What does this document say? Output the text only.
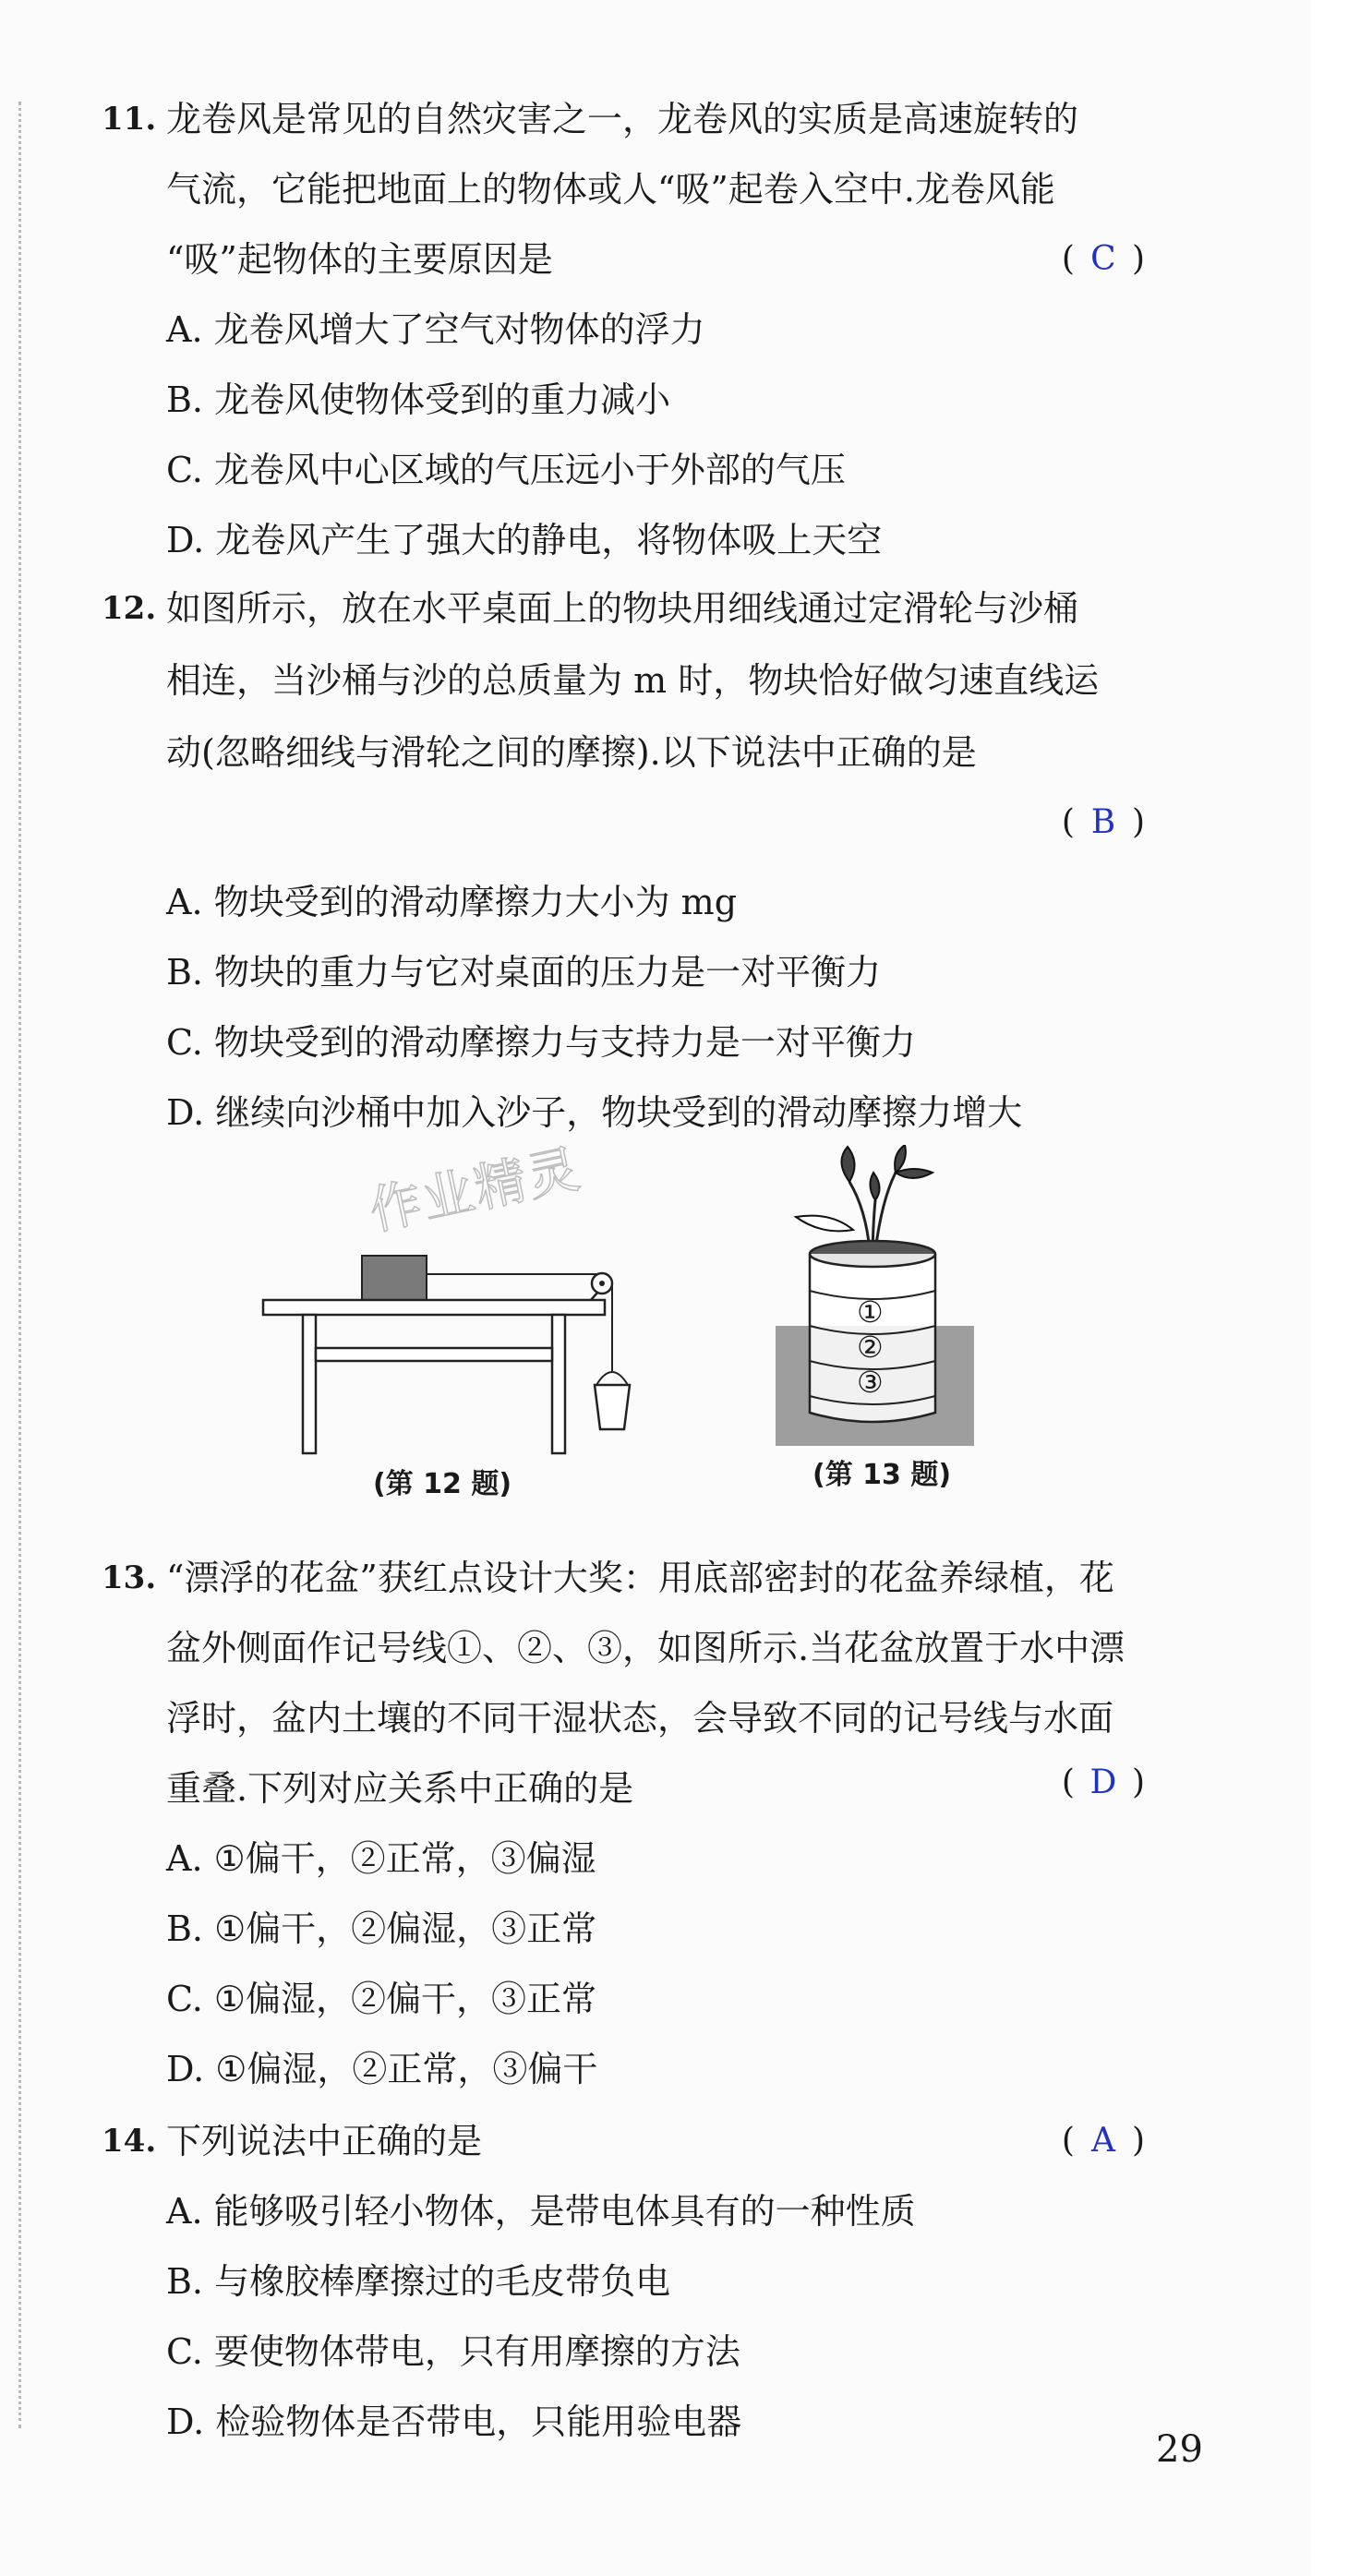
11. 龙卷风是常见的自然灾害之一，龙卷风的实质是高速旋转的
气流，它能把地面上的物体或人“吸”起卷入空中.龙卷风能
“吸”起物体的主要原因是	( C )
A. 龙卷风增大了空气对物体的浮力
B. 龙卷风使物体受到的重力减小
C. 龙卷风中心区域的气压远小于外部的气压
D. 龙卷风产生了强大的静电，将物体吸上天空
12. 如图所示，放在水平桌面上的物块用细线通过定滑轮与沙桶
相连，当沙桶与沙的总质量为 m 时，物块恰好做匀速直线运
动(忽略细线与滑轮之间的摩擦).以下说法中正确的是
( B )
A. 物块受到的滑动摩擦力大小为 mg
B. 物块的重力与它对桌面的压力是一对平衡力
C. 物块受到的滑动摩擦力与支持力是一对平衡力
D. 继续向沙桶中加入沙子，物块受到的滑动摩擦力增大
作业精灵
(第 12 题)
①
②
③
(第 13 题)
13. “漂浮的花盆”获红点设计大奖：用底部密封的花盆养绿植，花
盆外侧面作记号线①、②、③，如图所示.当花盆放置于水中漂
浮时，盆内土壤的不同干湿状态，会导致不同的记号线与水面
重叠.下列对应关系中正确的是	( D )
A. ①偏干，②正常，③偏湿
B. ①偏干，②偏湿，③正常
C. ①偏湿，②偏干，③正常
D. ①偏湿，②正常，③偏干
14. 下列说法中正确的是	( A )
A. 能够吸引轻小物体，是带电体具有的一种性质
B. 与橡胶棒摩擦过的毛皮带负电
C. 要使物体带电，只有用摩擦的方法
D. 检验物体是否带电，只能用验电器
29
